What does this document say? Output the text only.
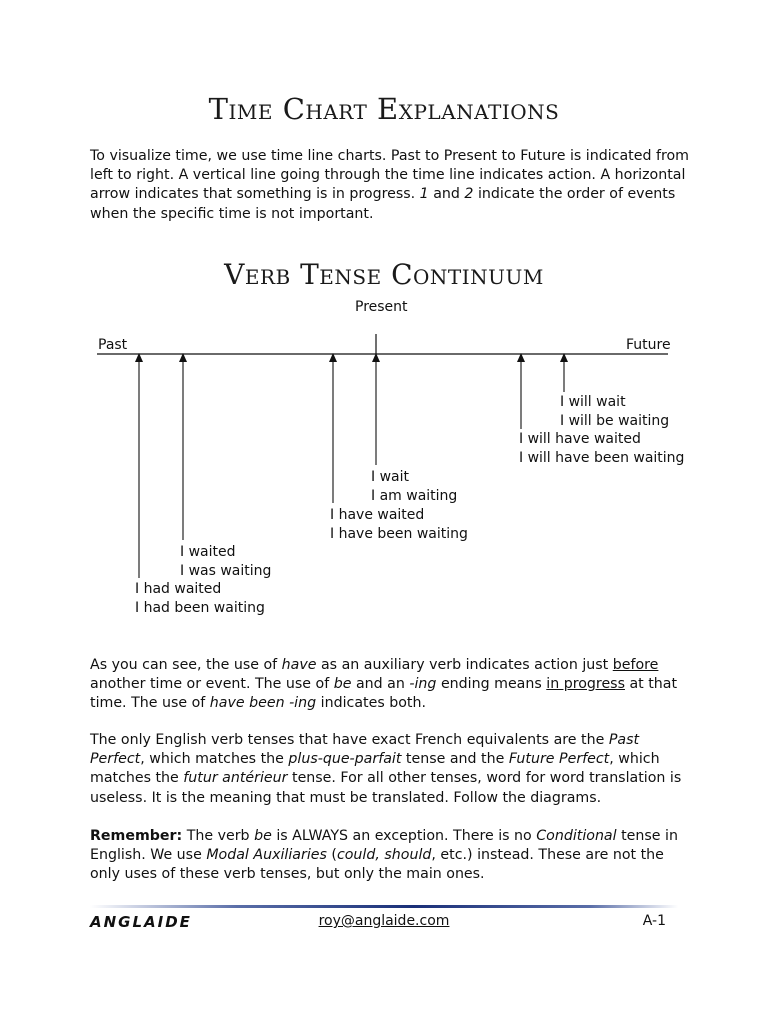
Time Chart Explanations

To visualize time, we use time line charts. Past to Present to Future is indicated from left to right. A vertical line going through the time line indicates action. A horizontal arrow indicates that something is in progress. 1 and 2 indicate the order of events when the specific time is not important.

Verb Tense Continuum
Present
Past	Future
I had waited
I had been waiting
I waited
I was waiting
I have waited
I have been waiting
I wait
I am waiting
I will have waited
I will have been waiting
I will wait
I will be waiting

As you can see, the use of have as an auxiliary verb indicates action just before another time or event. The use of be and an -ing ending means in progress at that time. The use of have been -ing indicates both.

The only English verb tenses that have exact French equivalents are the Past Perfect, which matches the plus-que-parfait tense and the Future Perfect, which matches the futur antérieur tense. For all other tenses, word for word translation is useless. It is the meaning that must be translated. Follow the diagrams.

Remember: The verb be is ALWAYS an exception. There is no Conditional tense in English. We use Modal Auxiliaries (could, should, etc.) instead. These are not the only uses of these verb tenses, but only the main ones.

ANGLAIDE	roy@anglaide.com	A-1
